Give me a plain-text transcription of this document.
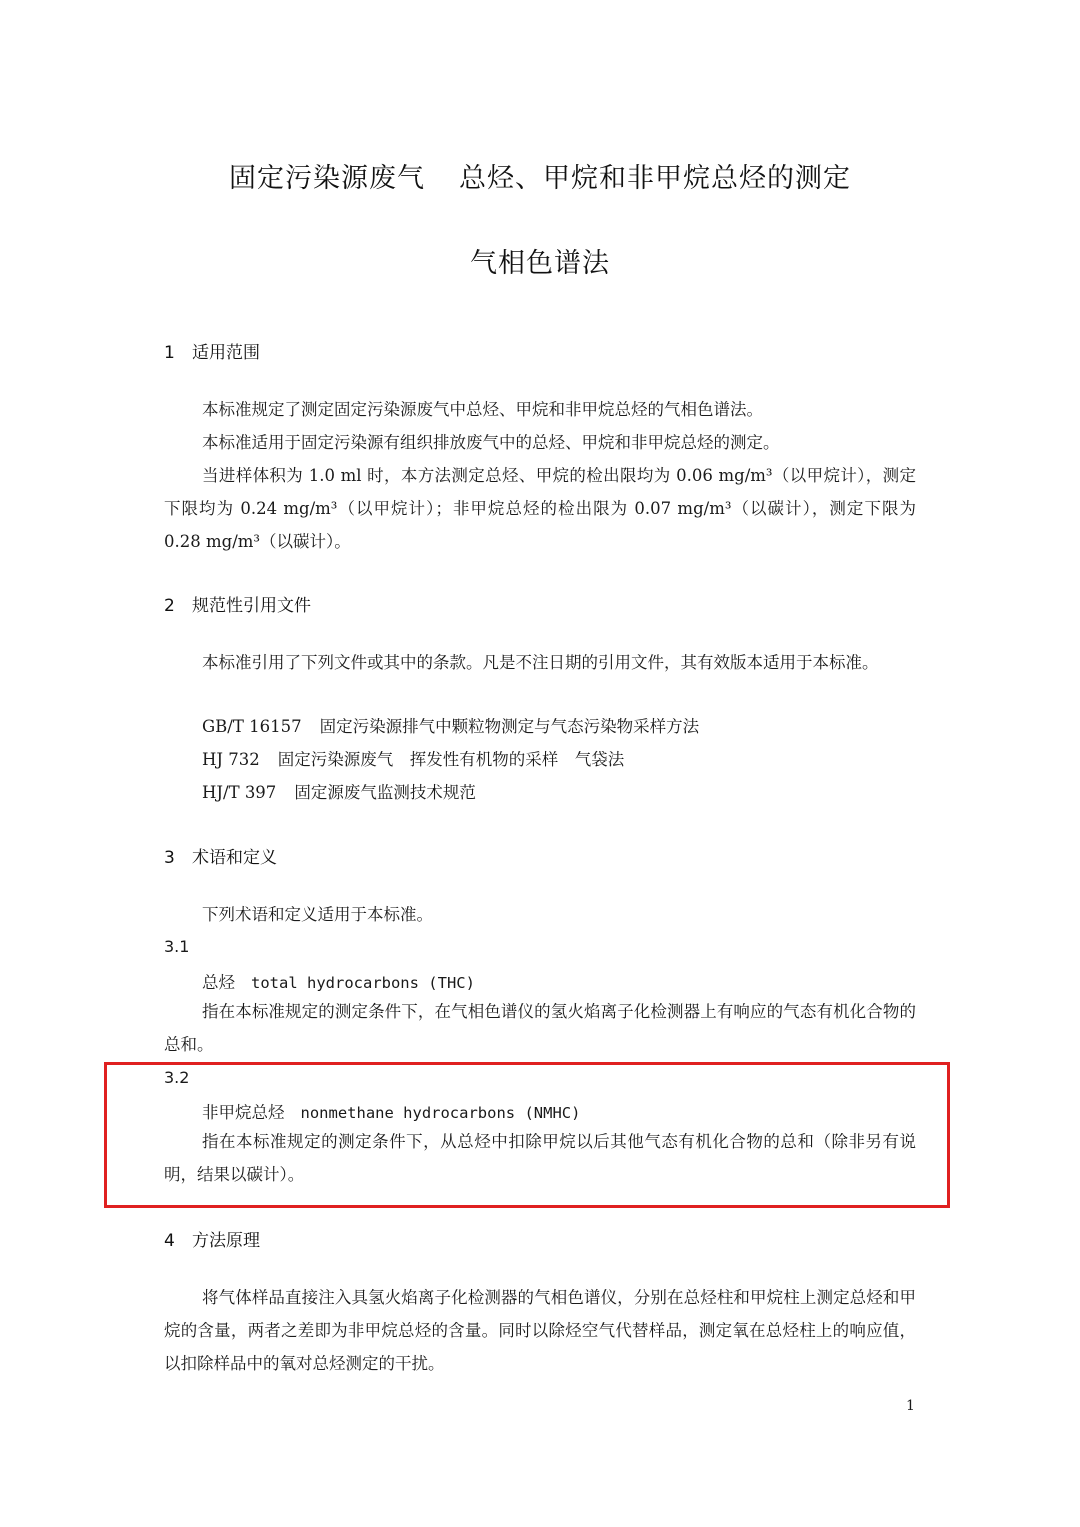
固定污染源废气 总烃、甲烷和非甲烷总烃的测定
气相色谱法
1 适用范围

本标准规定了测定固定污染源废气中总烃、甲烷和非甲烷总烃的气相色谱法。

本标准适用于固定污染源有组织排放废气中的总烃、甲烷和非甲烷总烃的测定。

当进样体积为 1.0 ml 时，本方法测定总烃、甲烷的检出限均为 0.06 mg/m³（以甲烷计），测定下限均为 0.24 mg/m³（以甲烷计）；非甲烷总烃的检出限为 0.07 mg/m³（以碳计），测定下限为 0.28 mg/m³（以碳计）。

2 规范性引用文件

本标准引用了下列文件或其中的条款。凡是不注日期的引用文件，其有效版本适用于本标准。

GB/T 16157 固定污染源排气中颗粒物测定与气态污染物采样方法
HJ 732 固定污染源废气　挥发性有机物的采样　气袋法
HJ/T 397 固定源废气监测技术规范
3 术语和定义

下列术语和定义适用于本标准。

3.1
总烃 total hydrocarbons (THC)

指在本标准规定的测定条件下，在气相色谱仪的氢火焰离子化检测器上有响应的气态有机化合物的总和。

3.2
非甲烷总烃 nonmethane hydrocarbons (NMHC)

指在本标准规定的测定条件下，从总烃中扣除甲烷以后其他气态有机化合物的总和（除非另有说明，结果以碳计）。

4 方法原理

将气体样品直接注入具氢火焰离子化检测器的气相色谱仪，分别在总烃柱和甲烷柱上测定总烃和甲烷的含量，两者之差即为非甲烷总烃的含量。同时以除烃空气代替样品，测定氧在总烃柱上的响应值，以扣除样品中的氧对总烃测定的干扰。

1
